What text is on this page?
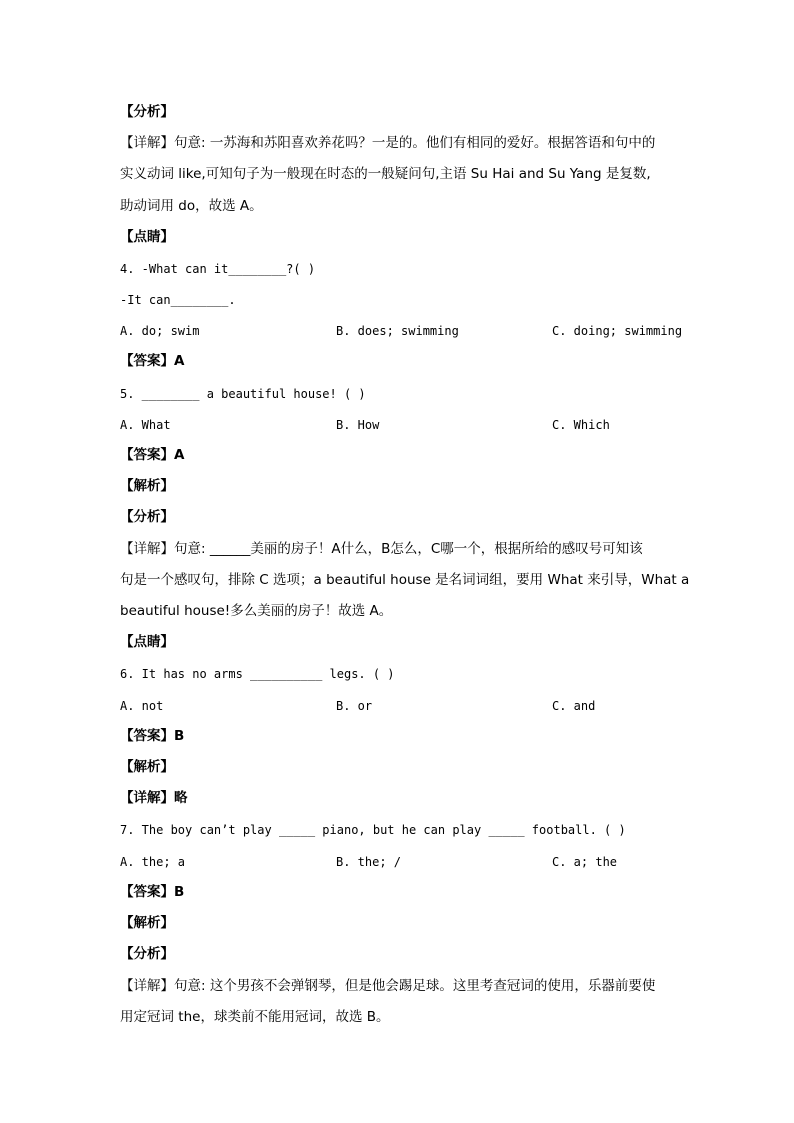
【分析】
【详解】句意: 一苏海和苏阳喜欢养花吗？一是的。他们有相同的爱好。根据答语和句中的
实义动词 like,可知句子为一般现在时态的一般疑问句,主语 Su Hai and Su Yang 是复数,
助动词用 do，故选 A。
【点睛】
4. -What can it________?( )
-It can________.
A. do; swim	B. does; swimming	C. doing; swimming
【答案】A
5. ________ a beautiful house! ( )
A. What	B. How	C. Which
【答案】A
【解析】
【分析】
【详解】句意: ______美丽的房子！A什么，B怎么，C哪一个，根据所给的感叹号可知该
句是一个感叹句，排除 C 选项；a beautiful house 是名词词组，要用 What 来引导，What a
beautiful house!多么美丽的房子！故选 A。
【点睛】
6. It has no arms __________ legs. ( )
A. not	B. or	C. and
【答案】B
【解析】
【详解】略
7. The boy can’t play _____ piano, but he can play _____ football. ( )
A. the; a	B. the; /	C. a; the
【答案】B
【解析】
【分析】
【详解】句意: 这个男孩不会弹钢琴，但是他会踢足球。这里考查冠词的使用，乐器前要使
用定冠词 the，球类前不能用冠词，故选 B。
